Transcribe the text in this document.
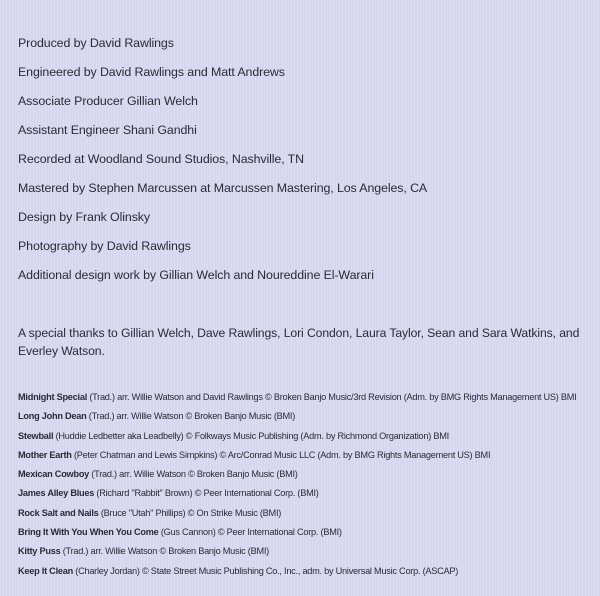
Produced by David Rawlings
Engineered by David Rawlings and Matt Andrews
Associate Producer Gillian Welch
Assistant Engineer Shani Gandhi
Recorded at Woodland Sound Studios, Nashville, TN
Mastered by Stephen Marcussen at Marcussen Mastering, Los Angeles, CA
Design by Frank Olinsky
Photography by David Rawlings
Additional design work by Gillian Welch and Noureddine El-Warari

A special thanks to Gillian Welch, Dave Rawlings, Lori Condon, Laura Taylor, Sean and Sara Watkins, and Everley Watson.

Midnight Special (Trad.) arr. Willie Watson and David Rawlings © Broken Banjo Music/3rd Revision (Adm. by BMG Rights Management US) BMI
Long John Dean (Trad.) arr. Willie Watson © Broken Banjo Music (BMI)
Stewball (Huddie Ledbetter aka Leadbelly) © Folkways Music Publishing (Adm. by Richmond Organization) BMI
Mother Earth (Peter Chatman and Lewis Simpkins) © Arc/Conrad Music LLC (Adm. by BMG Rights Management US) BMI
Mexican Cowboy (Trad.) arr. Willie Watson © Broken Banjo Music (BMI)
James Alley Blues (Richard "Rabbit" Brown) © Peer International Corp. (BMI)
Rock Salt and Nails (Bruce "Utah" Phillips) © On Strike Music (BMI)
Bring It With You When You Come (Gus Cannon) © Peer International Corp. (BMI)
Kitty Puss (Trad.) arr. Willie Watson © Broken Banjo Music (BMI)
Keep It Clean (Charley Jordan) © State Street Music Publishing Co., Inc., adm. by Universal Music Corp. (ASCAP)
